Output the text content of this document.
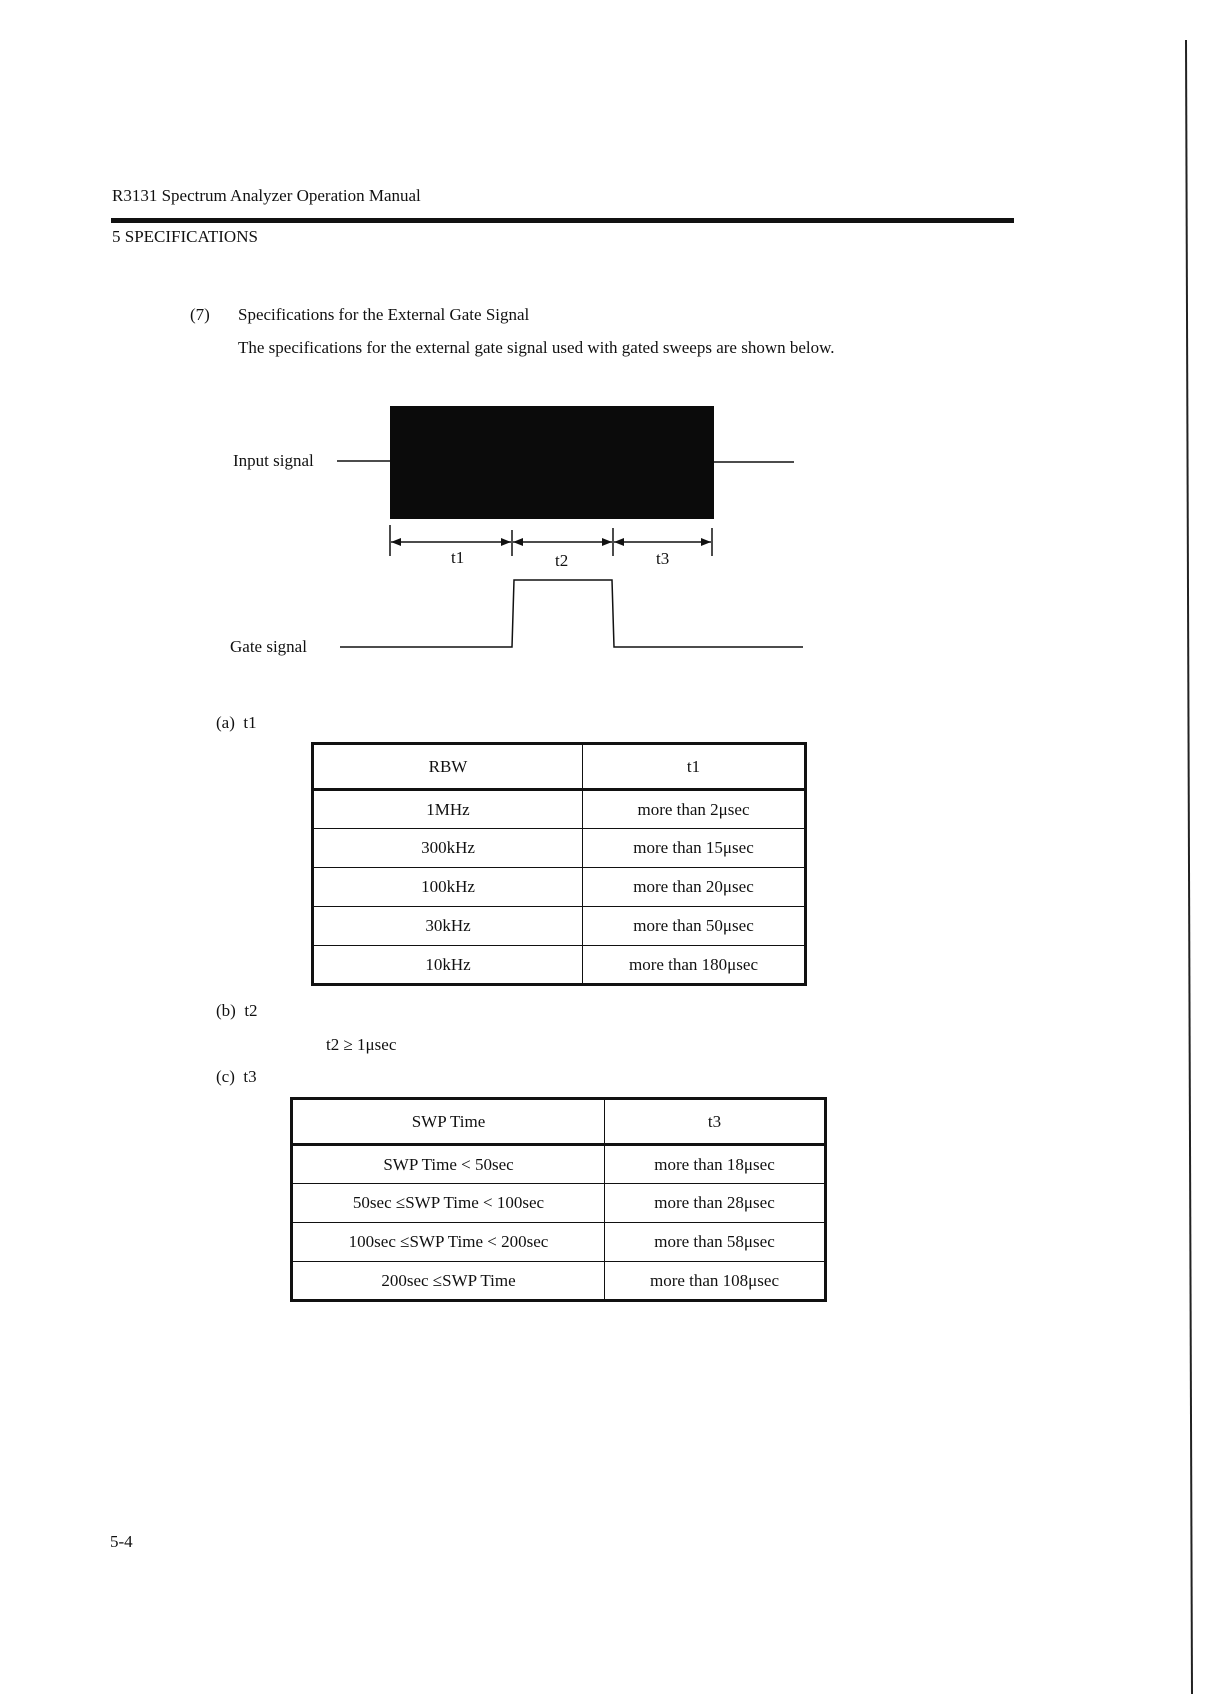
R3131 Spectrum Analyzer Operation Manual
5 SPECIFICATIONS
(7) Specifications for the External Gate Signal
The specifications for the external gate signal used with gated sweeps are shown below.
Input signal
Gate signal
t1	t2	t3
(a)  t1
RBW	t1
1MHz	more than 2μsec
300kHz	more than 15μsec
100kHz	more than 20μsec
30kHz	more than 50μsec
10kHz	more than 180μsec
(b)  t2
t2 ≥ 1μsec
(c)  t3
SWP Time	t3
SWP Time < 50sec	more than 18μsec
50sec ≤SWP Time < 100sec	more than 28μsec
100sec ≤SWP Time < 200sec	more than 58μsec
200sec ≤SWP Time	more than 108μsec
5-4
